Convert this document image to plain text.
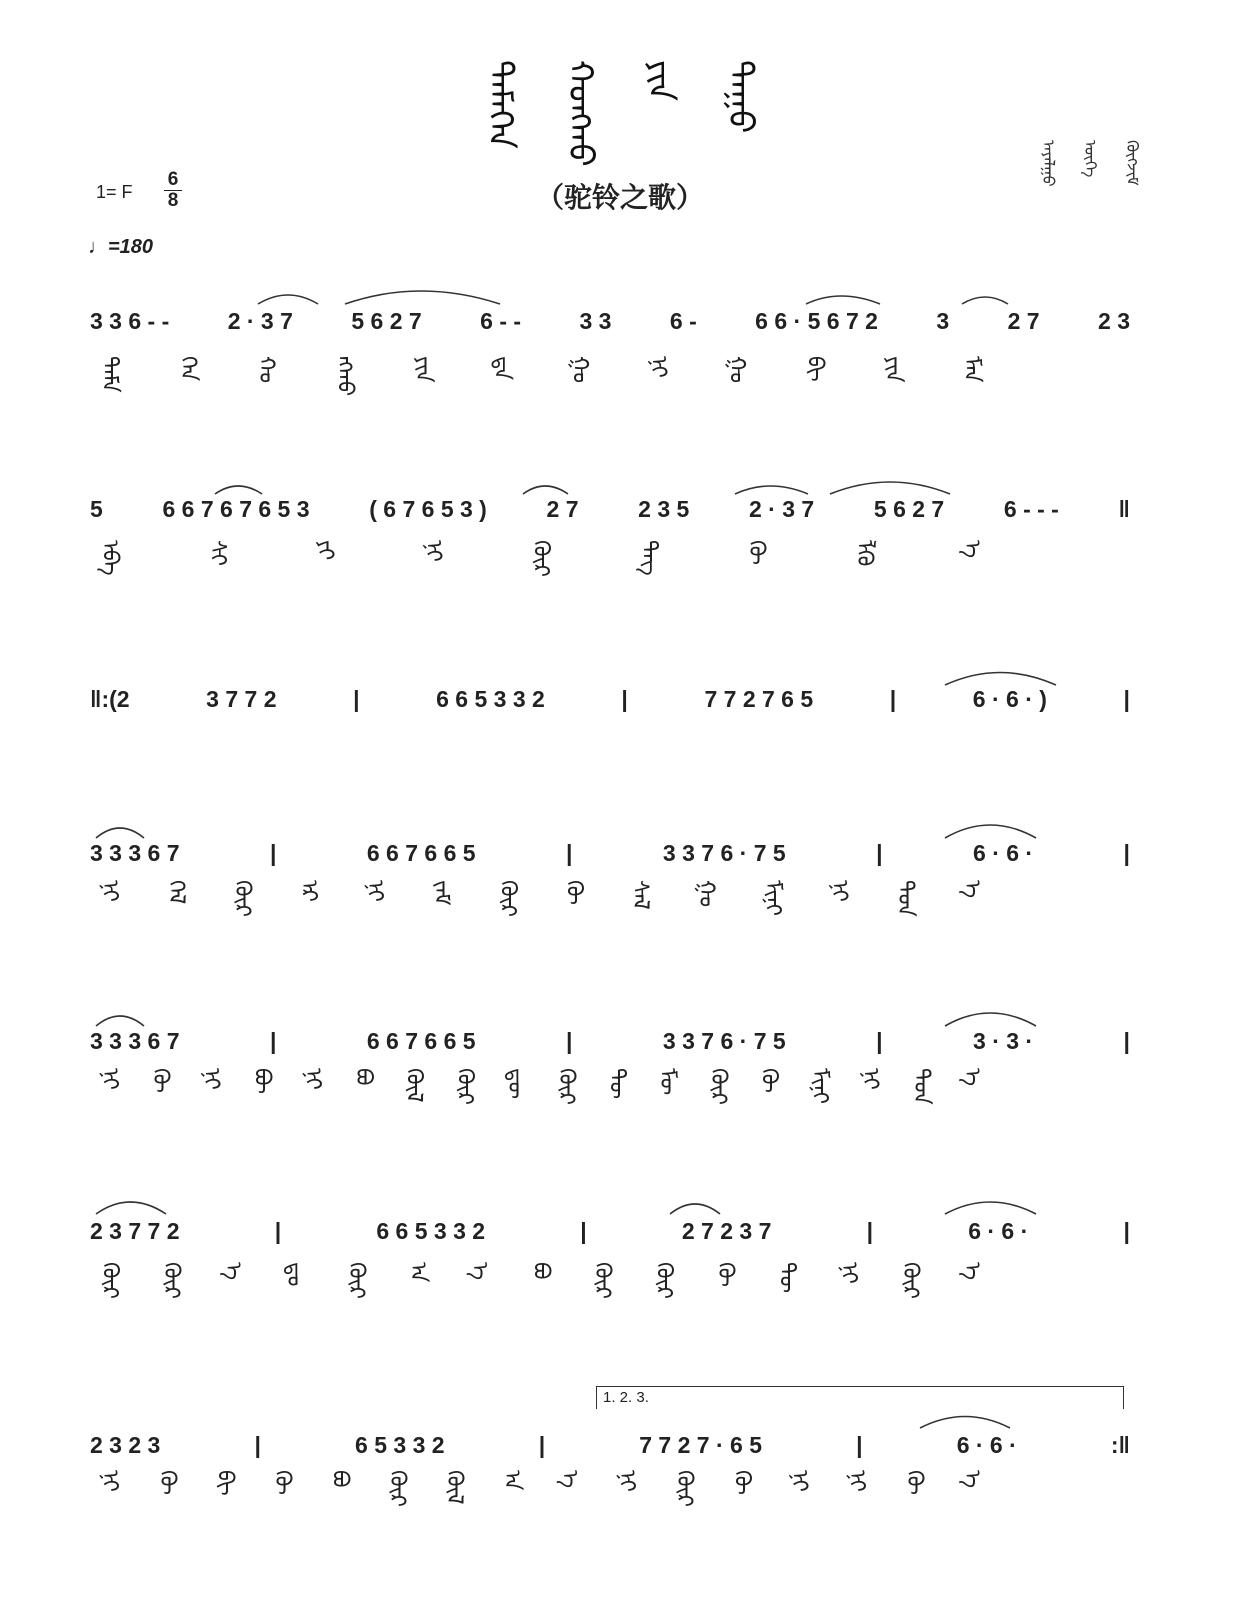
ᠲᠡᠮᠡᠭᠡᠨ ᠬᠣᠩᠬᠣ ᠶᠢᠨ ᠳᠠᠭᠤ
（驼铃之歌）
ᠠᠶᠠᠯᠭᠤ	ᠦᠭᠡ	ᠬᠦᠭᠵᠢᠮ
1= F
6
8
♩=180
1. 2. 3.
3 3 6 - -	2 · 3 7	5 6 2 7	6 - -	3 3	6 -	6 6 · 5 6 7 2	3	2 7	2 3
5	6 6 7 6 7 6 5 3	( 6 7 6 5 3 )	2 7	2 3 5	2 · 3 7	5 6 2 7	6 - - -	‖
‖:(2	3 7 7 2	|	6 6 5 3 3 2	|	7 7 2 7 6 5	|	6 · 6 · )	|
3 3 3 6 7	|	6 6 7 6 6 5	|	3 3 7 6 · 7 5	|	6 · 6 ·	|
3 3 3 6 7	|	6 6 7 6 6 5	|	3 3 7 6 · 7 5	|	3 · 3 ·	|
2 3 7 7 2	|	6 6 5 3 3 2	|	2 7 2 3 7	|	6 · 6 ·	|
2 3 2 3	|	6 5 3 3 2	|	7 7 2 7 · 6 5	|	6 · 6 ·	:‖
ᠲᠡᠮᠡ	ᠭᠡᠨ	ᠬᠣ	ᠩᠬᠣ	ᠶᠢᠨ	ᠳᠠ	ᠭᠤ	ᠨᠢ	ᠭᠣ	ᠪᠢ	ᠶᠢᠨ	ᠮᠠᠨ
ᠡᠪᠡ	ᠰᠢ	ᠶᠢ	ᠨᠢ	ᠬᠦᠷ	ᠳᠡᠭ	ᠭᠦ	ᠯᠭᠦ	ᠡ
ᠨᠢ	ᠬᠡᠯ	ᠬᠦᠷ	ᠡᠷ	ᠨᠢ	ᠵᠠᠮ	ᠬᠦᠷ	ᠭᠦ	ᠰᠠᠯ	ᠭᠤ	ᠮᠢᠨᠢ	ᠨᠢ	ᠳᠣᠨ	ᠡ
ᠨᠢ	ᠬᠦ	ᠨᠢ	ᠪᠦ	ᠨᠢ	ᠪᠣ	ᠬᠦᠯ	ᠬᠦᠷ	ᠳᠦ	ᠬᠦᠷ	ᠲᠦ	ᠮᠦ	ᠬᠦᠷ	ᠭᠦ	ᠮᠢᠨᠢ	ᠨᠢ	ᠳᠣᠨ	ᠡ
ᠬᠦᠷ	ᠬᠦᠷ	ᠡ	ᠳᠣ	ᠬᠦᠷ	ᠠ	ᠡ	ᠪᠣ	ᠬᠦᠷ	ᠬᠦᠷ	ᠬᠦ	ᠲᠦ	ᠨᠢ	ᠬᠦᠷ	ᠡ
ᠨᠢ	ᠬᠦ	ᠪᠢ	ᠬᠦ	ᠪᠣ	ᠬᠦᠷ	ᠬᠦᠯ	ᠠ	ᠡ	ᠨᠢ	ᠬᠦᠷ	ᠭᠦ	ᠨᠢ	ᠨᠢ	ᠬᠦ	ᠡ
